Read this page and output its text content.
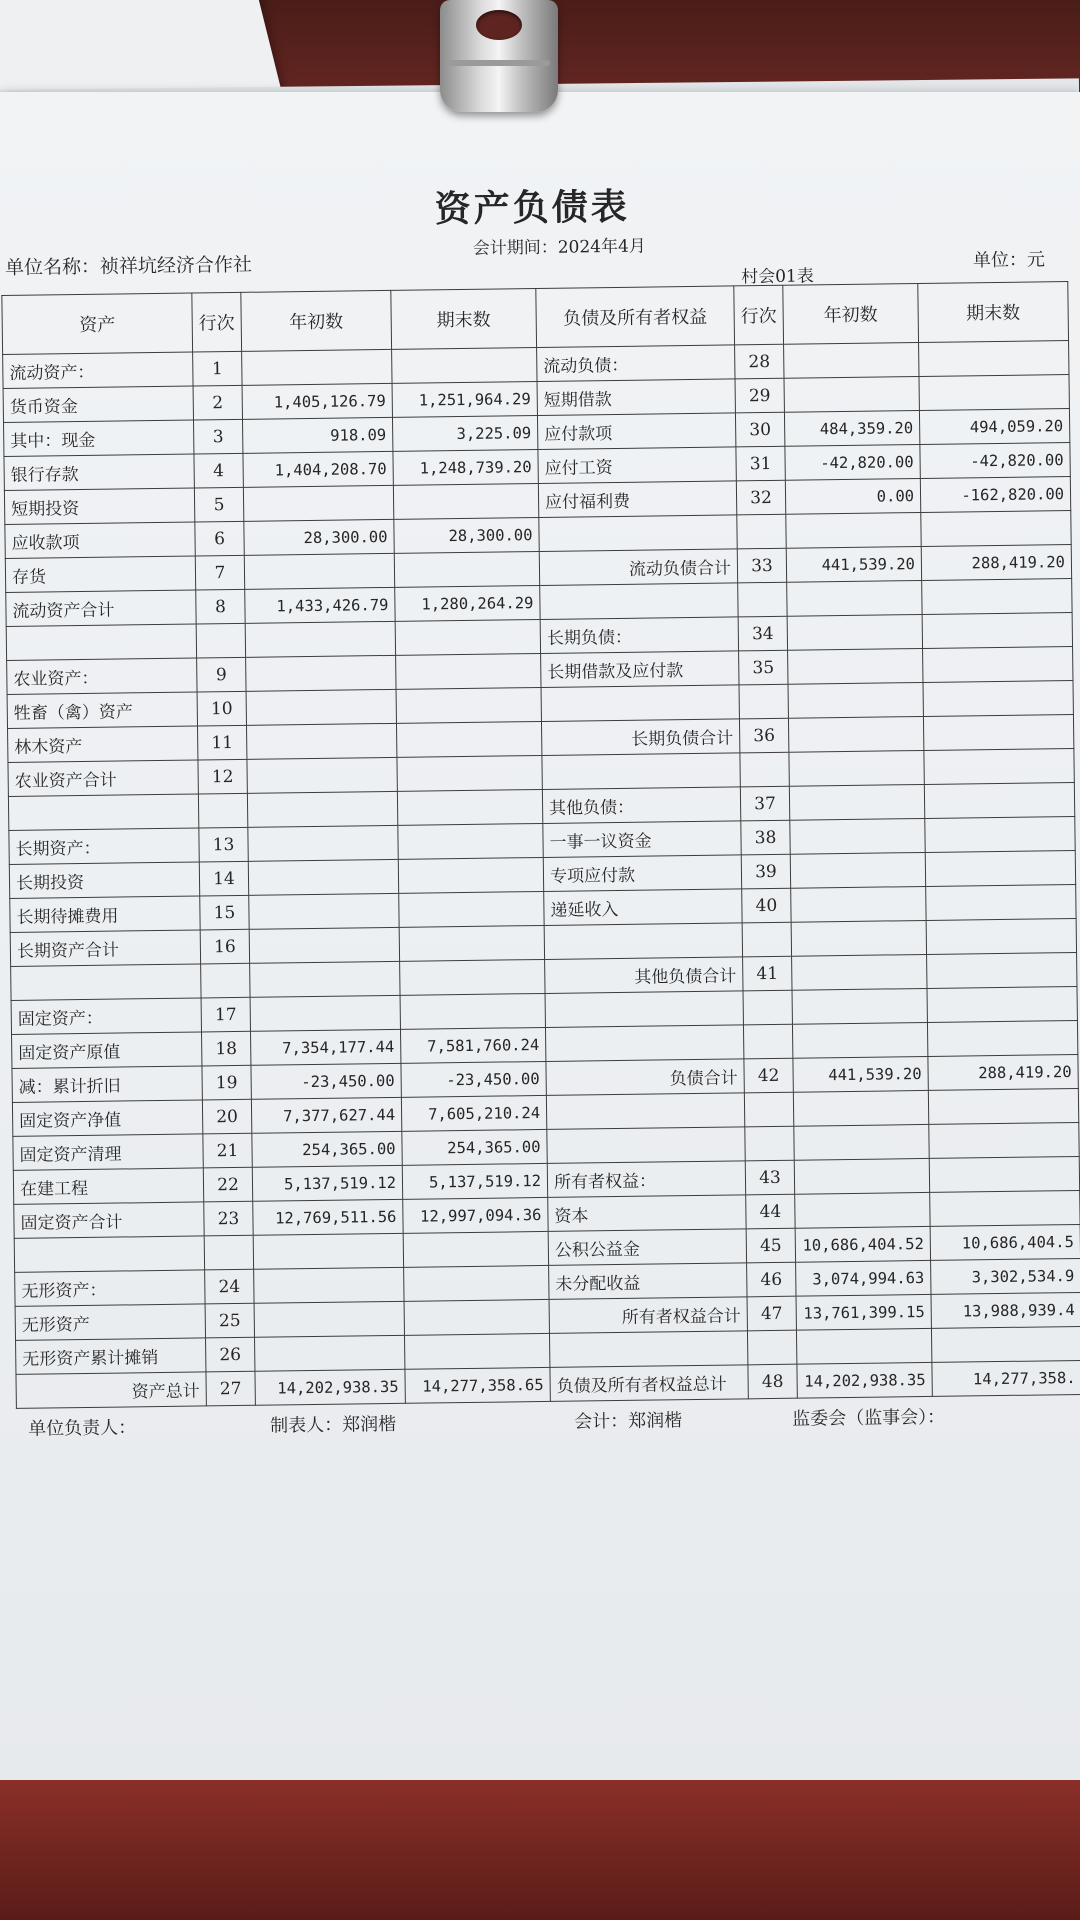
资产负债表
会计期间：2024年4月
单位名称：祯祥坑经济合作社	村会01表
单位：元
资产	行次	年初数	期末数	负债及所有者权益	行次	年初数	期末数
流动资产：	1			流动负债：	28		
货币资金	2	1,405,126.79	1,251,964.29	短期借款	29		
其中：现金	3	918.09	3,225.09	应付款项	30	484,359.20	494,059.20
银行存款	4	1,404,208.70	1,248,739.20	应付工资	31	-42,820.00	-42,820.00
短期投资	5			应付福利费	32	0.00	-162,820.00
应收款项	6	28,300.00	28,300.00				
存货	7			流动负债合计	33	441,539.20	288,419.20
流动资产合计	8	1,433,426.79	1,280,264.29				
				长期负债：	34		
农业资产：	9			长期借款及应付款	35		
牲畜（禽）资产	10						
林木资产	11			长期负债合计	36		
农业资产合计	12						
				其他负债：	37		
长期资产：	13			一事一议资金	38		
长期投资	14			专项应付款	39		
长期待摊费用	15			递延收入	40		
长期资产合计	16						
				其他负债合计	41		
固定资产：	17						
固定资产原值	18	7,354,177.44	7,581,760.24				
减：累计折旧	19	-23,450.00	-23,450.00	负债合计	42	441,539.20	288,419.20
固定资产净值	20	7,377,627.44	7,605,210.24				
固定资产清理	21	254,365.00	254,365.00				
在建工程	22	5,137,519.12	5,137,519.12	所有者权益：	43		
固定资产合计	23	12,769,511.56	12,997,094.36	资本	44		
				公积公益金	45	10,686,404.52	10,686,404.5
无形资产：	24			未分配收益	46	3,074,994.63	3,302,534.9
无形资产	25			所有者权益合计	47	13,761,399.15	13,988,939.4
无形资产累计摊销	26						
资产总计	27	14,202,938.35	14,277,358.65	负债及所有者权益总计	48	14,202,938.35	14,277,358.
单位负责人：	制表人：郑润楷	会计：郑润楷	监委会（监事会）：
